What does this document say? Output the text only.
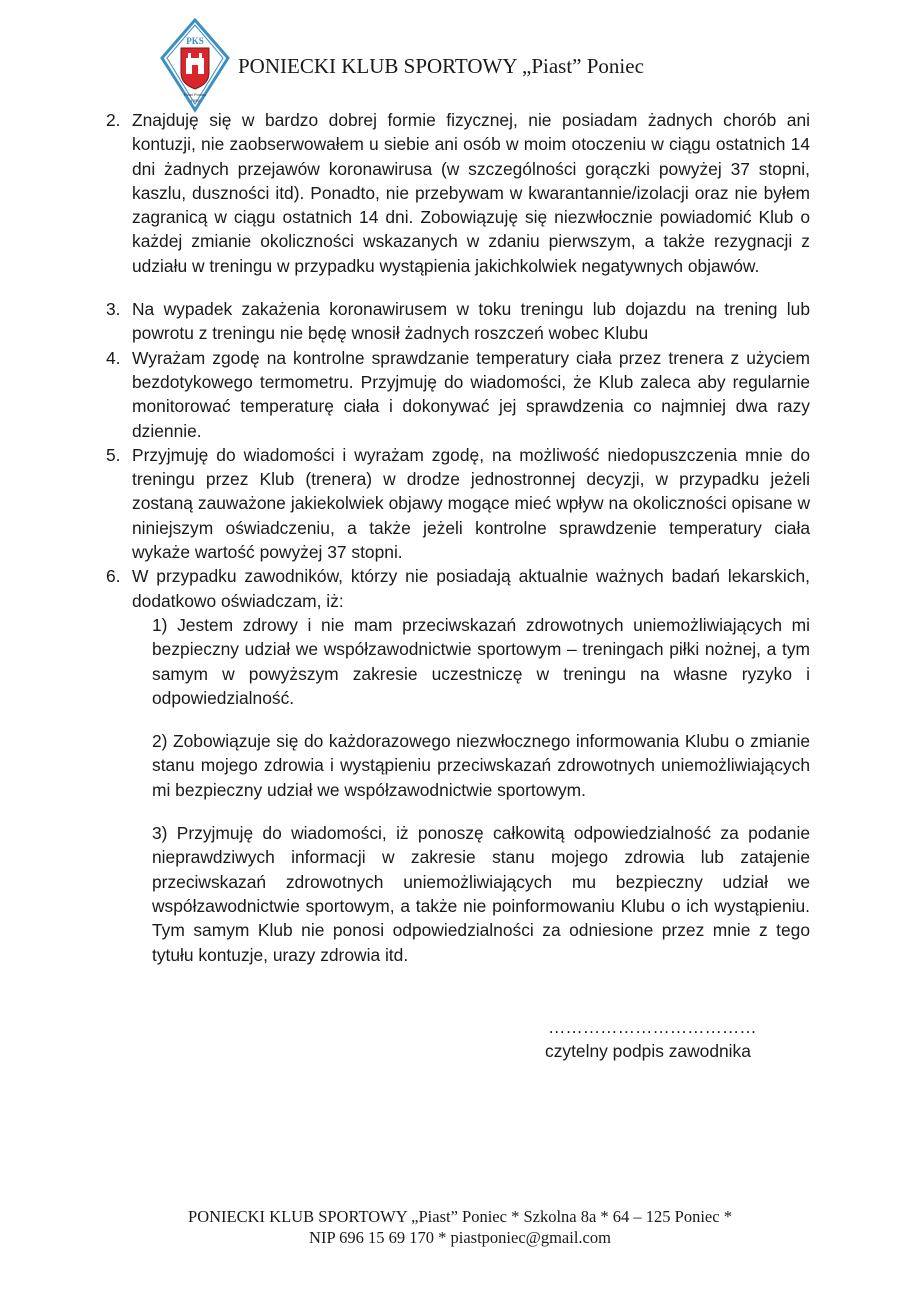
PKS
Piast Poniec
1959
PONIECKI KLUB SPORTOWY „Piast” Poniec
2. Znajduję się w bardzo dobrej formie fizycznej, nie posiadam żadnych chorób ani kontuzji, nie zaobserwowałem u siebie ani osób w moim otoczeniu w ciągu ostatnich 14 dni żadnych przejawów koronawirusa (w szczególności gorączki powyżej 37 stopni, kaszlu, duszności itd). Ponadto, nie przebywam w kwarantannie/izolacji oraz nie byłem zagranicą w ciągu ostatnich 14 dni. Zobowiązuję się niezwłocznie powiadomić Klub o każdej zmianie okoliczności wskazanych w zdaniu pierwszym, a także rezygnacji z udziału w treningu w przypadku wystąpienia jakichkolwiek negatywnych objawów.
3. Na wypadek zakażenia koronawirusem w toku treningu lub dojazdu na trening lub powrotu z treningu nie będę wnosił żadnych roszczeń wobec Klubu
4. Wyrażam zgodę na kontrolne sprawdzanie temperatury ciała przez trenera z użyciem bezdotykowego termometru. Przyjmuję do wiadomości, że Klub zaleca aby regularnie monitorować temperaturę ciała i dokonywać jej sprawdzenia co najmniej dwa razy dziennie.
5. Przyjmuję do wiadomości i wyrażam zgodę, na możliwość niedopuszczenia mnie do treningu przez Klub (trenera) w drodze jednostronnej decyzji, w przypadku jeżeli zostaną zauważone jakiekolwiek objawy mogące mieć wpływ na okoliczności opisane w niniejszym oświadczeniu, a także jeżeli kontrolne sprawdzenie temperatury ciała wykaże wartość powyżej 37 stopni.
6. W przypadku zawodników, którzy nie posiadają aktualnie ważnych badań lekarskich, dodatkowo oświadczam, iż:
1) Jestem zdrowy i nie mam przeciwskazań zdrowotnych uniemożliwiających mi bezpieczny udział we współzawodnictwie sportowym – treningach piłki nożnej, a tym samym w powyższym zakresie uczestniczę w treningu na własne ryzyko i odpowiedzialność.
2) Zobowiązuje się do każdorazowego niezwłocznego informowania Klubu o zmianie stanu mojego zdrowia i wystąpieniu przeciwskazań zdrowotnych uniemożliwiających mi bezpieczny udział we współzawodnictwie sportowym.
3) Przyjmuję do wiadomości, iż ponoszę całkowitą odpowiedzialność za podanie nieprawdziwych informacji w zakresie stanu mojego zdrowia lub zatajenie przeciwskazań zdrowotnych uniemożliwiających mu bezpieczny udział we współzawodnictwie sportowym, a także nie poinformowaniu Klubu o ich wystąpieniu. Tym samym Klub nie ponosi odpowiedzialności za odniesione przez mnie z tego tytułu kontuzje, urazy zdrowia itd.
………………………………
czytelny podpis zawodnika
PONIECKI KLUB SPORTOWY „Piast” Poniec * Szkolna 8a * 64 – 125 Poniec *
NIP 696 15 69 170 * piastponiec@gmail.com
